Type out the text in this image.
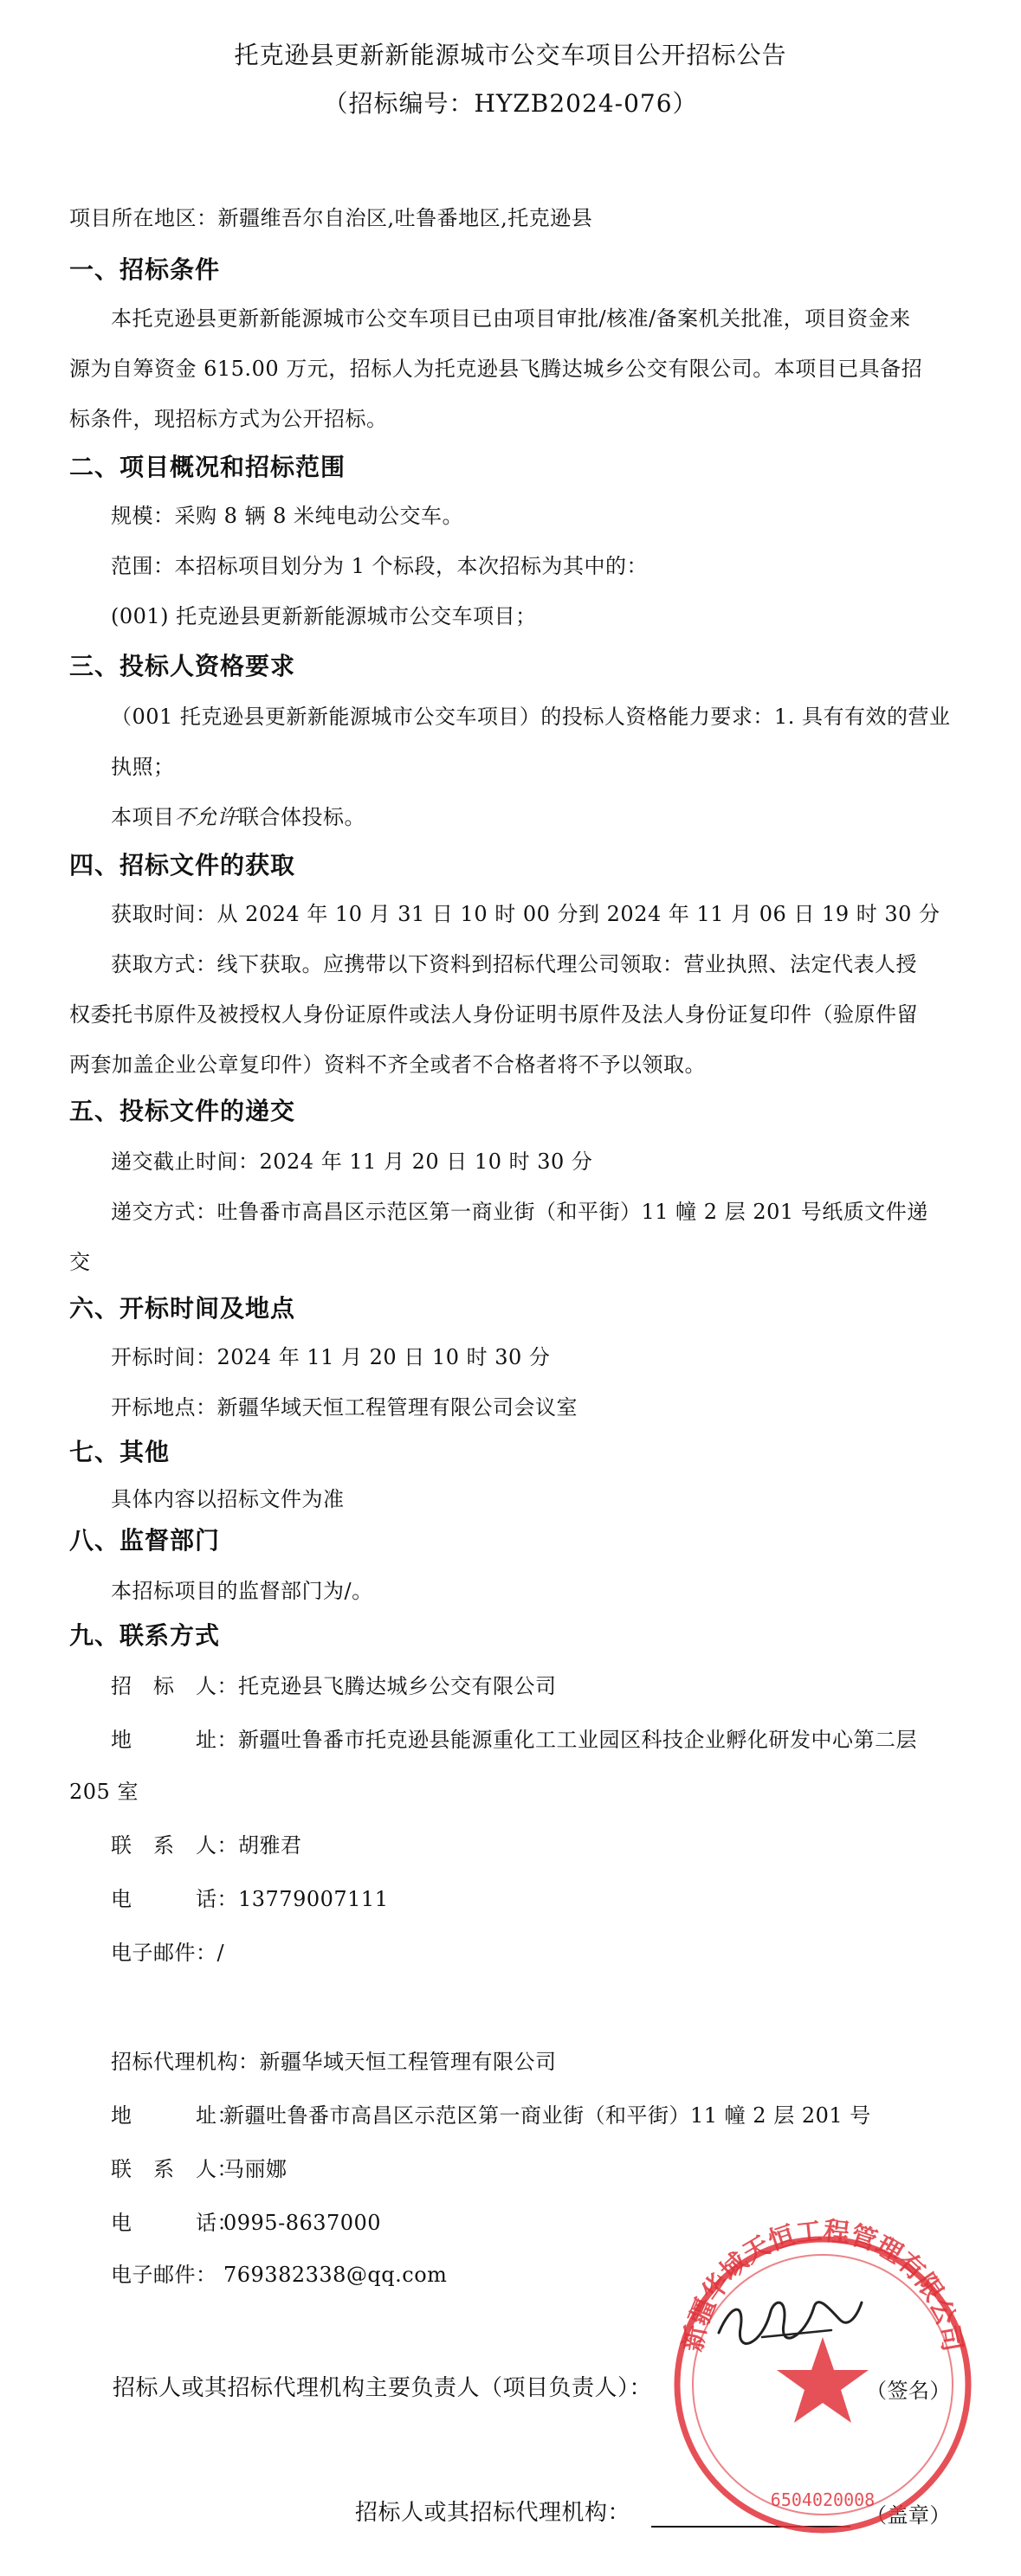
托克逊县更新新能源城市公交车项目公开招标公告
（招标编号：HYZB2024-076）
项目所在地区：新疆维吾尔自治区,吐鲁番地区,托克逊县
一、招标条件
本托克逊县更新新能源城市公交车项目已由项目审批/核准/备案机关批准，项目资金来
源为自筹资金 615.00 万元，招标人为托克逊县飞腾达城乡公交有限公司。本项目已具备招
标条件，现招标方式为公开招标。
二、项目概况和招标范围
规模：采购 8 辆 8 米纯电动公交车。
范围：本招标项目划分为 1 个标段，本次招标为其中的：
(001) 托克逊县更新新能源城市公交车项目；
三、投标人资格要求
（001 托克逊县更新新能源城市公交车项目）的投标人资格能力要求：1. 具有有效的营业
执照；
本项目不允许联合体投标。
四、招标文件的获取
获取时间：从 2024 年 10 月 31 日 10 时 00 分到 2024 年 11 月 06 日 19 时 30 分
获取方式：线下获取。应携带以下资料到招标代理公司领取：营业执照、法定代表人授
权委托书原件及被授权人身份证原件或法人身份证明书原件及法人身份证复印件（验原件留
两套加盖企业公章复印件）资料不齐全或者不合格者将不予以领取。
五、投标文件的递交
递交截止时间：2024 年 11 月 20 日 10 时 30 分
递交方式：吐鲁番市高昌区示范区第一商业街（和平街）11 幢 2 层 201 号纸质文件递
交
六、开标时间及地点
开标时间：2024 年 11 月 20 日 10 时 30 分
开标地点：新疆华域天恒工程管理有限公司会议室
七、其他
具体内容以招标文件为准
八、监督部门
本招标项目的监督部门为/。
九、联系方式
招　标　人：托克逊县飞腾达城乡公交有限公司
地　　　址：新疆吐鲁番市托克逊县能源重化工工业园区科技企业孵化研发中心第二层
205 室
联　系　人：胡雅君
电　　　话：13779007111
电子邮件：/
招标代理机构：新疆华域天恒工程管理有限公司
地　　　址：新疆吐鲁番市高昌区示范区第一商业街（和平街）11 幢 2 层 201 号
联　系　人：马丽娜
电　　　话：0995-8637000
电子邮件： 769382338@qq.com
招标人或其招标代理机构主要负责人（项目负责人）：	（签名）
招标人或其招标代理机构：	（盖章）
新疆华域天恒工程管理有限公司
6504020008
